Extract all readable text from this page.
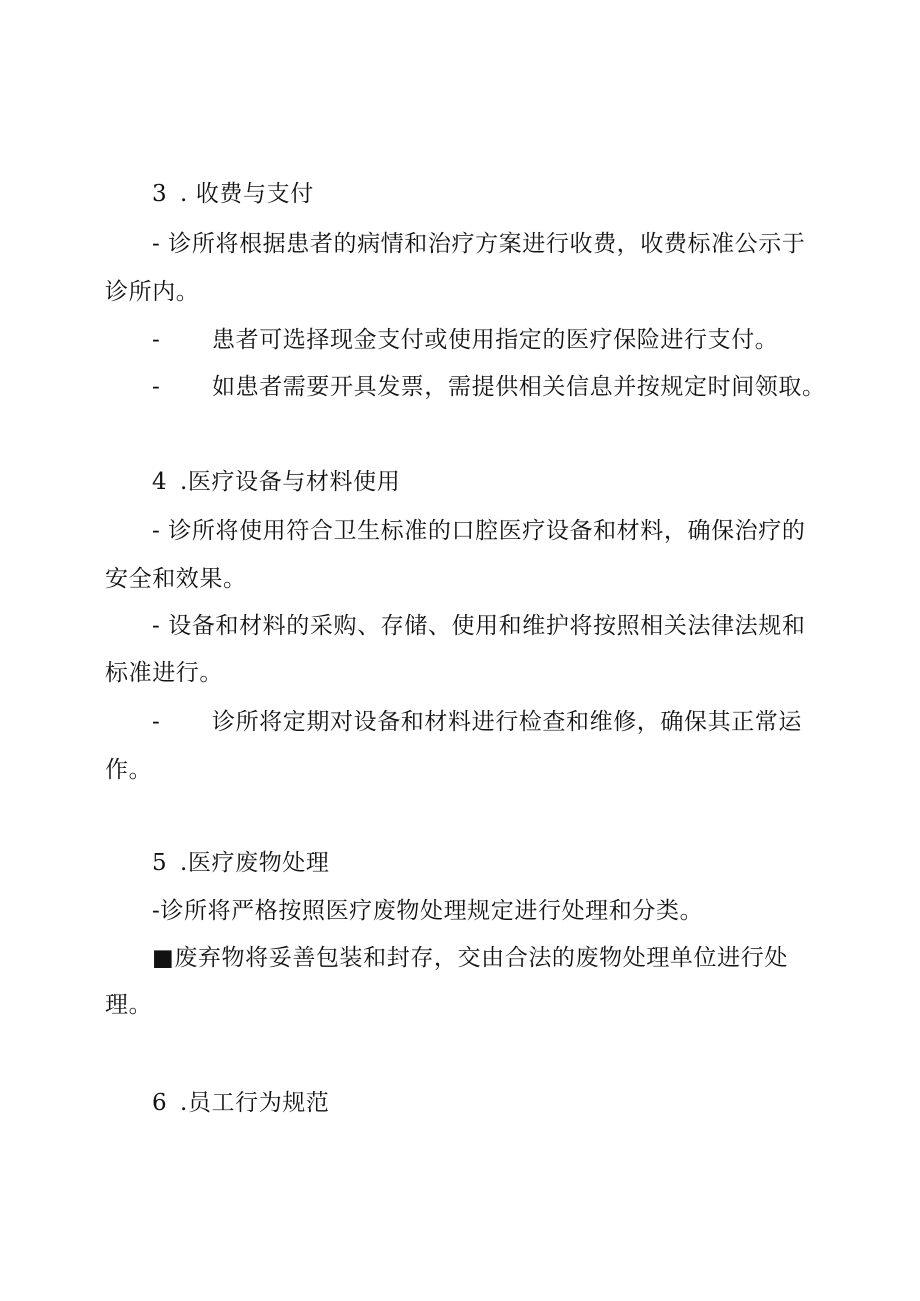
3 . 收费与支付
- 诊所将根据患者的病情和治疗方案进行收费，收费标准公示于
诊所内。
- 患者可选择现金支付或使用指定的医疗保险进行支付。
- 如患者需要开具发票，需提供相关信息并按规定时间领取。
4 .医疗设备与材料使用
- 诊所将使用符合卫生标准的口腔医疗设备和材料，确保治疗的
安全和效果。
- 设备和材料的采购、存储、使用和维护将按照相关法律法规和
标准进行。
- 诊所将定期对设备和材料进行检查和维修，确保其正常运
作。
5 .医疗废物处理
-诊所将严格按照医疗废物处理规定进行处理和分类。
■废弃物将妥善包装和封存，交由合法的废物处理单位进行处
理。
6 .员工行为规范
